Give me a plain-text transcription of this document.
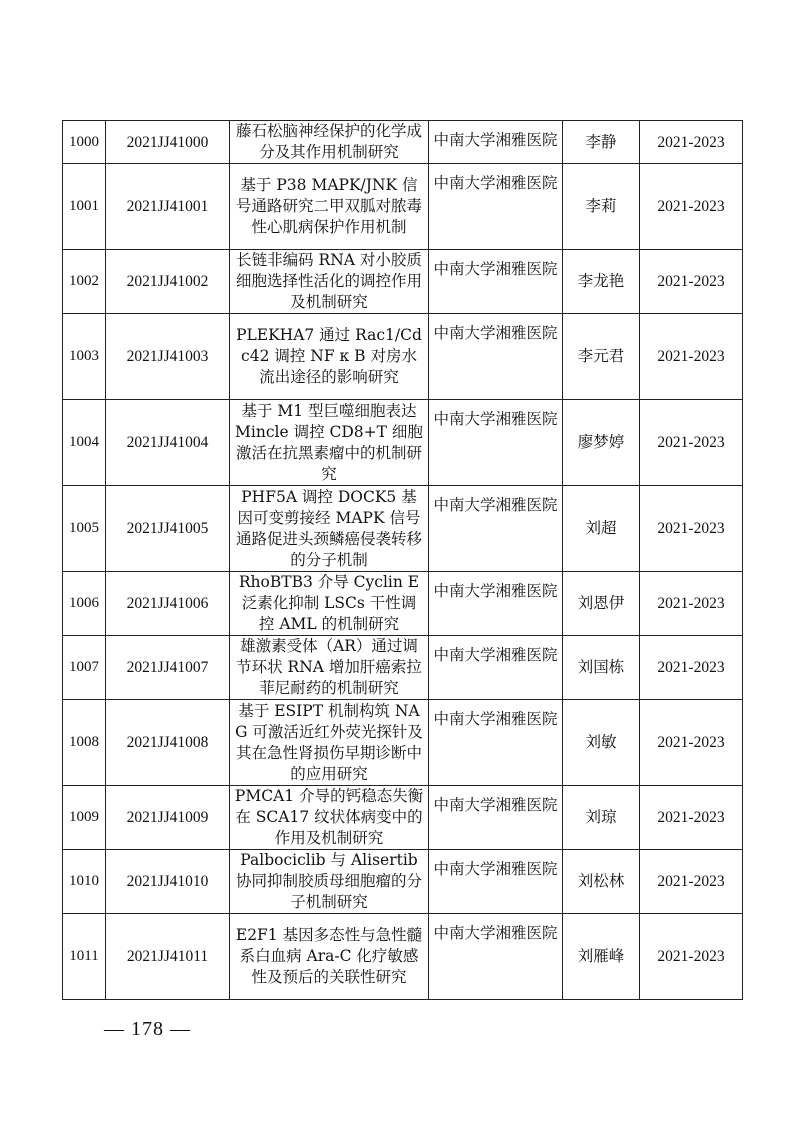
1000	2021JJ41000	藤石松脑神经保护的化学成分及其作用机制研究	中南大学湘雅医院	李静	2021-2023
1001	2021JJ41001	基于 P38 MAPK/JNK 信号通路研究二甲双胍对脓毒性心肌病保护作用机制	中南大学湘雅医院	李莉	2021-2023
1002	2021JJ41002	长链非编码 RNA 对小胶质细胞选择性活化的调控作用及机制研究	中南大学湘雅医院	李龙艳	2021-2023
1003	2021JJ41003	PLEKHA7 通过 Rac1/Cdc42 调控 NF κ B 对房水流出途径的影响研究	中南大学湘雅医院	李元君	2021-2023
1004	2021JJ41004	基于 M1 型巨噬细胞表达 Mincle 调控 CD8+T 细胞激活在抗黑素瘤中的机制研究	中南大学湘雅医院	廖梦婷	2021-2023
1005	2021JJ41005	PHF5A 调控 DOCK5 基因可变剪接经 MAPK 信号通路促进头颈鳞癌侵袭转移的分子机制	中南大学湘雅医院	刘超	2021-2023
1006	2021JJ41006	RhoBTB3 介导 Cyclin E 泛素化抑制 LSCs 干性调控 AML 的机制研究	中南大学湘雅医院	刘恩伊	2021-2023
1007	2021JJ41007	雄激素受体（AR）通过调节环状 RNA 增加肝癌索拉菲尼耐药的机制研究	中南大学湘雅医院	刘国栋	2021-2023
1008	2021JJ41008	基于 ESIPT 机制构筑 NAG 可激活近红外荧光探针及其在急性肾损伤早期诊断中的应用研究	中南大学湘雅医院	刘敏	2021-2023
1009	2021JJ41009	PMCA1 介导的钙稳态失衡在 SCA17 纹状体病变中的作用及机制研究	中南大学湘雅医院	刘琼	2021-2023
1010	2021JJ41010	Palbociclib 与 Alisertib 协同抑制胶质母细胞瘤的分子机制研究	中南大学湘雅医院	刘松林	2021-2023
1011	2021JJ41011	E2F1 基因多态性与急性髓系白血病 Ara-C 化疗敏感性及预后的关联性研究	中南大学湘雅医院	刘雁峰	2021-2023
— 178 —
